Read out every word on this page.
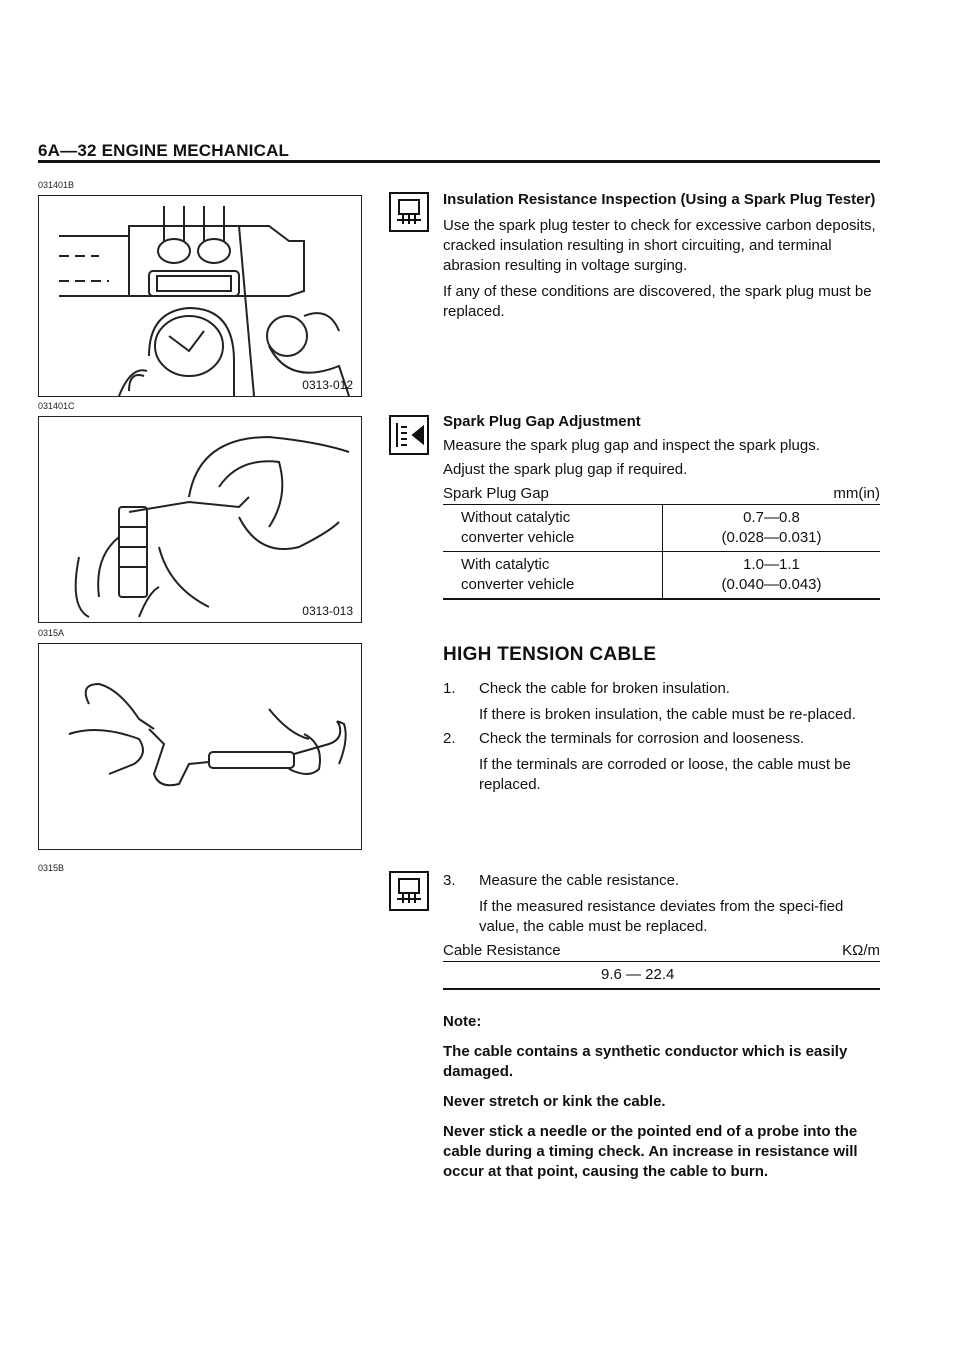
6A—32 ENGINE MECHANICAL
031401B
0313-012
031401C
0313-013
0315A
0315B
Insulation Resistance Inspection (Using a Spark Plug Tester)

Use the spark plug tester to check for excessive carbon deposits, cracked insulation resulting in short circuiting, and terminal abrasion resulting in voltage surging.

If any of these conditions are discovered, the spark plug must be replaced.

Spark Plug Gap Adjustment

Measure the spark plug gap and inspect the spark plugs.

Adjust the spark plug gap if required.

Spark Plug Gap	mm(in)
Without catalytic
converter vehicle
0.7—0.8
(0.028—0.031)
With catalytic
converter vehicle
1.0—1.1
(0.040—0.043)
HIGH TENSION CABLE
1.	Check the cable for broken insulation.

If there is broken insulation, the cable must be re-placed.

2.	Check the terminals for corrosion and looseness.

If the terminals are corroded or loose, the cable must be replaced.

3.	Measure the cable resistance.

If the measured resistance deviates from the speci-fied value, the cable must be replaced.

Cable Resistance	KΩ/m
9.6 — 22.4

Note:

The cable contains a synthetic conductor which is easily damaged.

Never stretch or kink the cable.

Never stick a needle or the pointed end of a probe into the cable during a timing check. An increase in resistance will occur at that point, causing the cable to burn.
